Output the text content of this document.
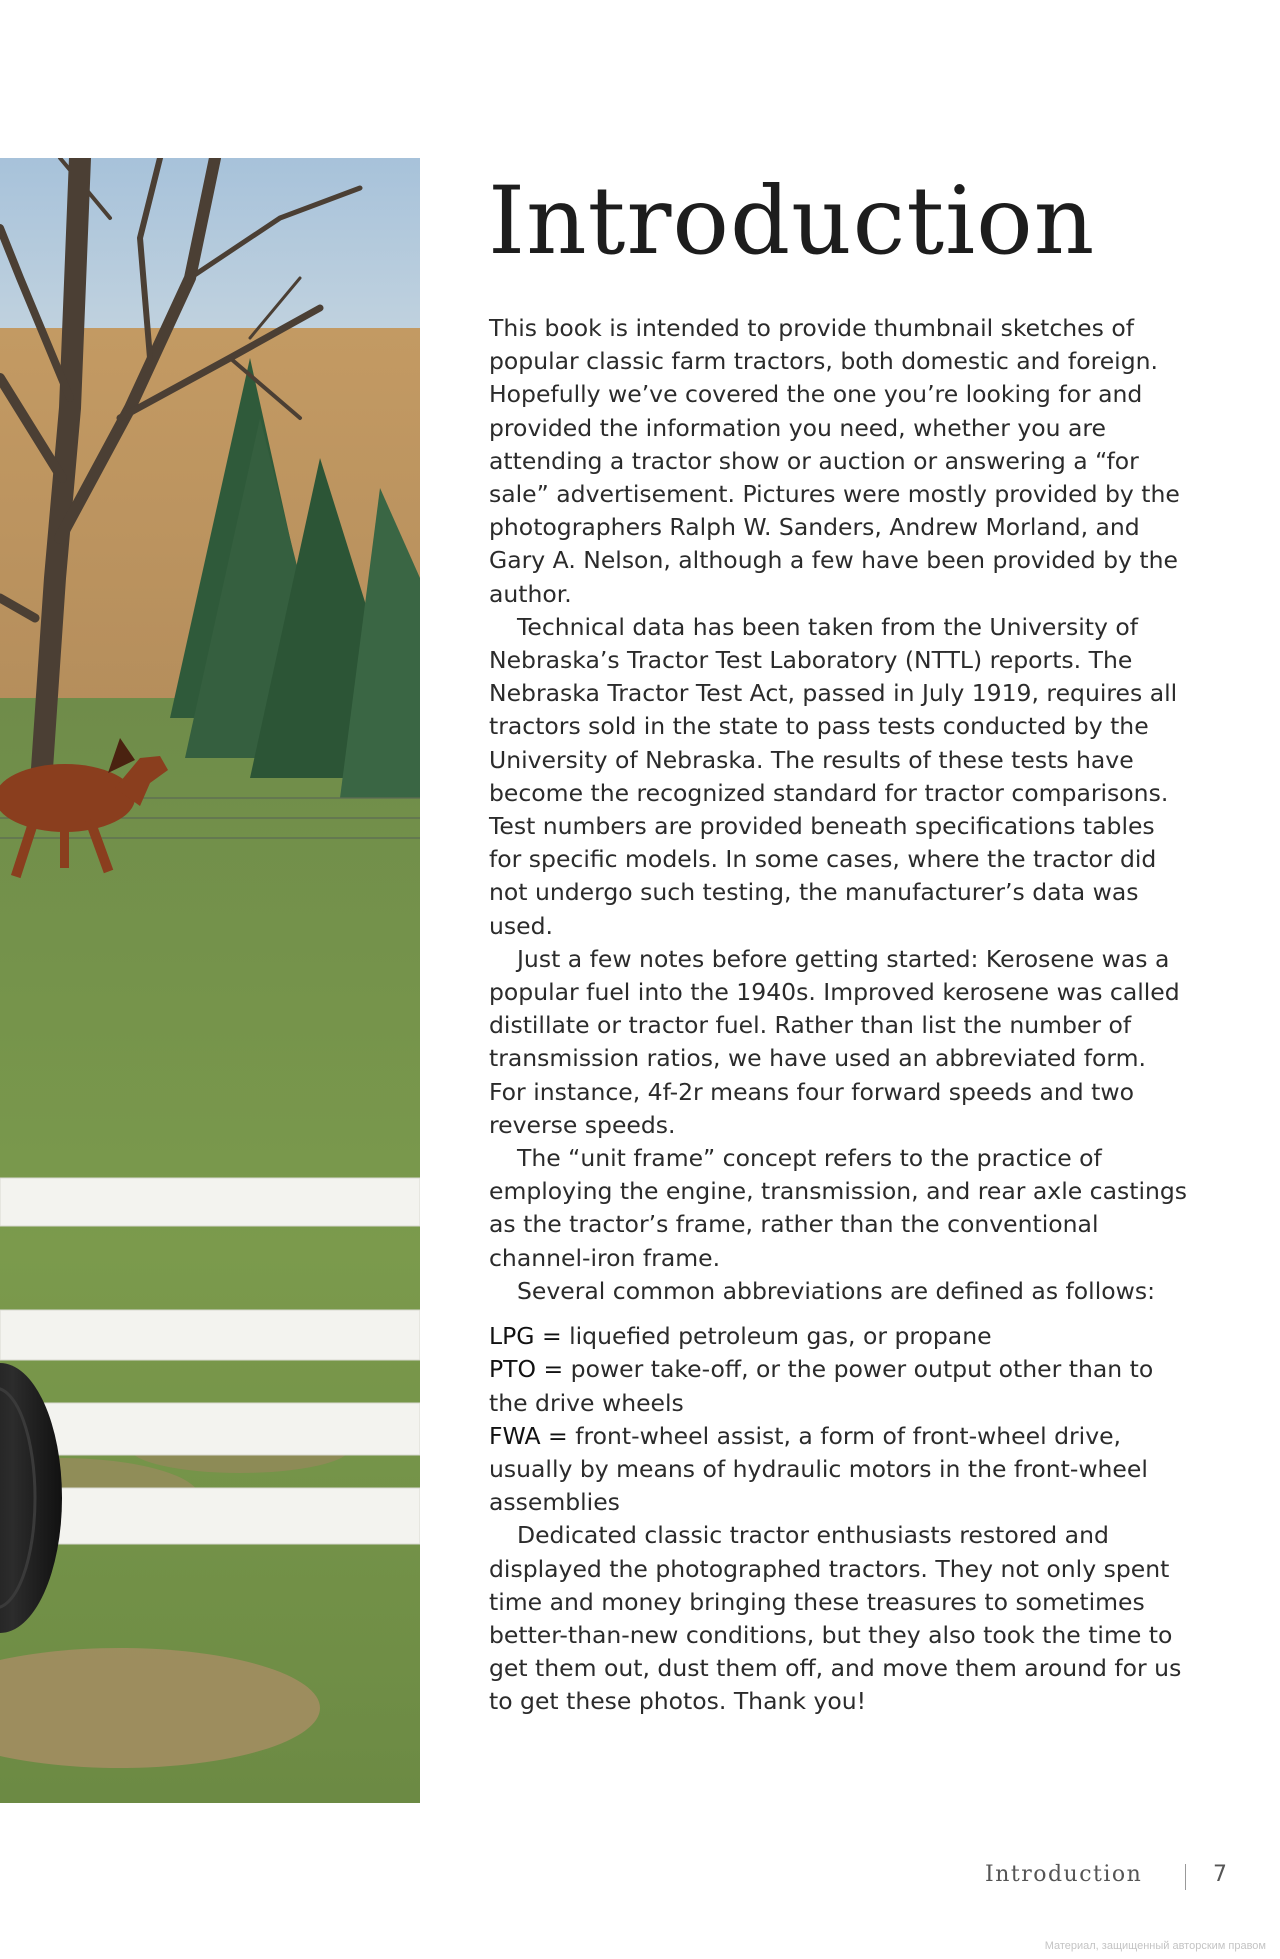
Introduction

This book is intended to provide thumbnail sketches of popular classic farm tractors, both domestic and foreign. Hopefully we’ve covered the one you’re looking for and provided the information you need, whether you are attending a tractor show or auction or answering a “for sale” advertisement. Pictures were mostly provided by the photographers Ralph W. Sanders, Andrew Morland, and Gary A. Nelson, although a few have been provided by the author.

Technical data has been taken from the University of Nebraska’s Tractor Test Laboratory (NTTL) reports. The Nebraska Tractor Test Act, passed in July 1919, requires all tractors sold in the state to pass tests conducted by the University of Nebraska. The results of these tests have become the recognized standard for tractor comparisons. Test numbers are provided beneath specifications tables for specific models. In some cases, where the tractor did not undergo such testing, the manufacturer’s data was used.

Just a few notes before getting started: Kerosene was a popular fuel into the 1940s. Improved kerosene was called distillate or tractor fuel. Rather than list the number of transmission ratios, we have used an abbreviated form. For instance, 4f-2r means four forward speeds and two reverse speeds.

The “unit frame” concept refers to the practice of employing the engine, transmission, and rear axle castings as the tractor’s frame, rather than the conventional channel-iron frame.

Several common abbreviations are defined as follows:

LPG = liquefied petroleum gas, or propane

PTO = power take-off, or the power output other than to the drive wheels

FWA = front-wheel assist, a form of front-wheel drive, usually by means of hydraulic motors in the front-wheel assemblies

Dedicated classic tractor enthusiasts restored and displayed the photographed tractors. They not only spent time and money bringing these treasures to sometimes better-than-new conditions, but they also took the time to get them out, dust them off, and move them around for us to get these photos. Thank you!

Introduction	7
Материал, защищенный авторским правом
